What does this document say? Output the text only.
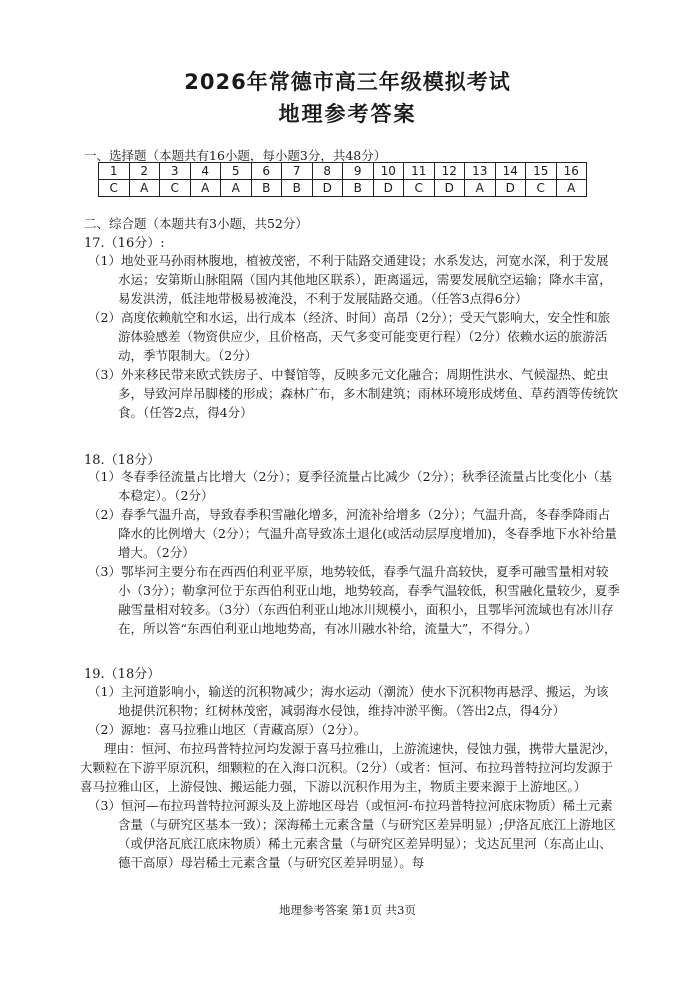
2026年常德市高三年级模拟考试
地理参考答案
一、选择题（本题共有16小题，每小题3分，共48分）
1	2	3	4	5	6	7	8	9	10	11	12	13	14	15	16
C	A	C	A	A	B	B	D	B	D	C	D	A	D	C	A
二、综合题（本题共有3小题，共52分）
17.（16分）:

（1）地处亚马孙雨林腹地，植被茂密，不利于陆路交通建设；水系发达，河宽水深，利于发展水运；安第斯山脉阻隔（国内其他地区联系），距离遥远，需要发展航空运输；降水丰富，易发洪涝，低洼地带极易被淹没，不利于发展陆路交通。（任答3点得6分）

（2）高度依赖航空和水运，出行成本（经济、时间）高昂（2分）；受天气影响大，安全性和旅游体验感差（物资供应少，且价格高，天气多变可能变更行程）（2分）依赖水运的旅游活动，季节限制大。（2分）

（3）外来移民带来欧式铁房子、中餐馆等，反映多元文化融合；周期性洪水、气候湿热、蛇虫多，导致河岸吊脚楼的形成；森林广布，多木制建筑；雨林环境形成烤鱼、草药酒等传统饮食。（任答2点，得4分）

18.（18分）

（1）冬春季径流量占比增大（2分）；夏季径流量占比减少（2分）；秋季径流量占比变化小（基本稳定）。（2分）

（2）春季气温升高，导致春季积雪融化增多，河流补给增多（2分）；气温升高，冬春季降雨占降水的比例增大（2分）；气温升高导致冻土退化(或活动层厚度增加)，冬春季地下水补给量增大。（2分）

（3）鄂毕河主要分布在西西伯利亚平原，地势较低，春季气温升高较快，夏季可融雪量相对较小（3分）；勒拿河位于东西伯利亚山地，地势较高，春季气温较低，积雪融化量较少，夏季融雪量相对较多。（3分）（东西伯利亚山地冰川规模小，面积小，且鄂毕河流域也有冰川存在，所以答“东西伯利亚山地地势高，有冰川融水补给，流量大”，不得分。）

19.（18分）

（1）主河道影响小，输送的沉积物减少；海水运动（潮流）使水下沉积物再悬浮、搬运，为该地提供沉积物；红树林茂密，减弱海水侵蚀，维持冲淤平衡。（答出2点，得4分）

（2）源地：喜马拉雅山地区（青藏高原）（2分）。

理由：恒河、布拉玛普特拉河均发源于喜马拉雅山，上游流速快，侵蚀力强，携带大量泥沙，大颗粒在下游平原沉积，细颗粒的在入海口沉积。（2分）（或者：恒河、布拉玛普特拉河均发源于喜马拉雅山区，上游侵蚀、搬运能力强，下游以沉积作用为主，物质主要来源于上游地区。）

（3）恒河—布拉玛普特拉河源头及上游地区母岩（或恒河-布拉玛普特拉河底床物质）稀土元素含量（与研究区基本一致）；深海稀土元素含量（与研究区差异明显）;伊洛瓦底江上游地区（或伊洛瓦底江底床物质）稀土元素含量（与研究区差异明显）；戈达瓦里河（东高止山、德干高原）母岩稀土元素含量（与研究区差异明显）。每

地理参考答案 第1页 共3页
